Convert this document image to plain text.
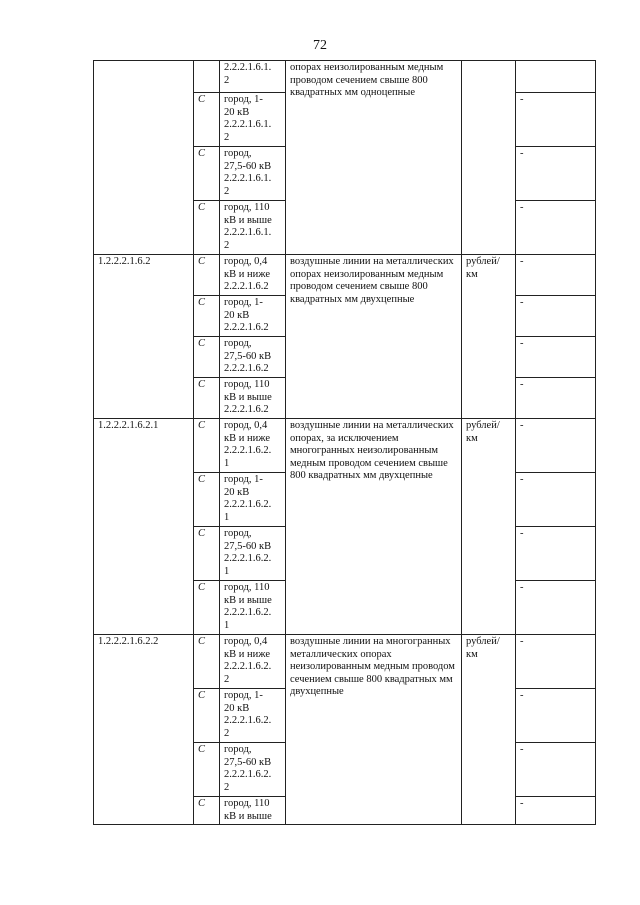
72
		2.2.2.1.6.1.
2	опорах неизолированным медным проводом сечением свыше 800 квадратных мм одноцепные		
	С	город, 1-
20 кВ
2.2.2.1.6.1.
2			-
	С	город,
27,5-60 кВ
2.2.2.1.6.1.
2			-
	С	город, 110
кВ и выше
2.2.2.1.6.1.
2			-
1.2.2.2.1.6.2	С	город, 0,4
кВ и ниже
2.2.2.1.6.2	воздушные линии на металлических опорах неизолированным медным проводом сечением свыше 800 квадратных мм двухцепные	рублей/
км	-
	С	город, 1-
20 кВ
2.2.2.1.6.2			-
	С	город,
27,5-60 кВ
2.2.2.1.6.2			-
	С	город, 110
кВ и выше
2.2.2.1.6.2			-
1.2.2.2.1.6.2.1	С	город, 0,4
кВ и ниже
2.2.2.1.6.2.
1	воздушные линии на металлических опорах, за исключением многогранных неизолированным медным проводом сечением свыше 800 квадратных мм двухцепные	рублей/
км	-
	С	город, 1-
20 кВ
2.2.2.1.6.2.
1			-
	С	город,
27,5-60 кВ
2.2.2.1.6.2.
1			-
	С	город, 110
кВ и выше
2.2.2.1.6.2.
1			-
1.2.2.2.1.6.2.2	С	город, 0,4
кВ и ниже
2.2.2.1.6.2.
2	воздушные линии на многогранных металлических опорах неизолированным медным проводом сечением свыше 800 квадратных мм двухцепные	рублей/
км	-
	С	город, 1-
20 кВ
2.2.2.1.6.2.
2			-
	С	город,
27,5-60 кВ
2.2.2.1.6.2.
2			-
	С	город, 110
кВ и выше			-
